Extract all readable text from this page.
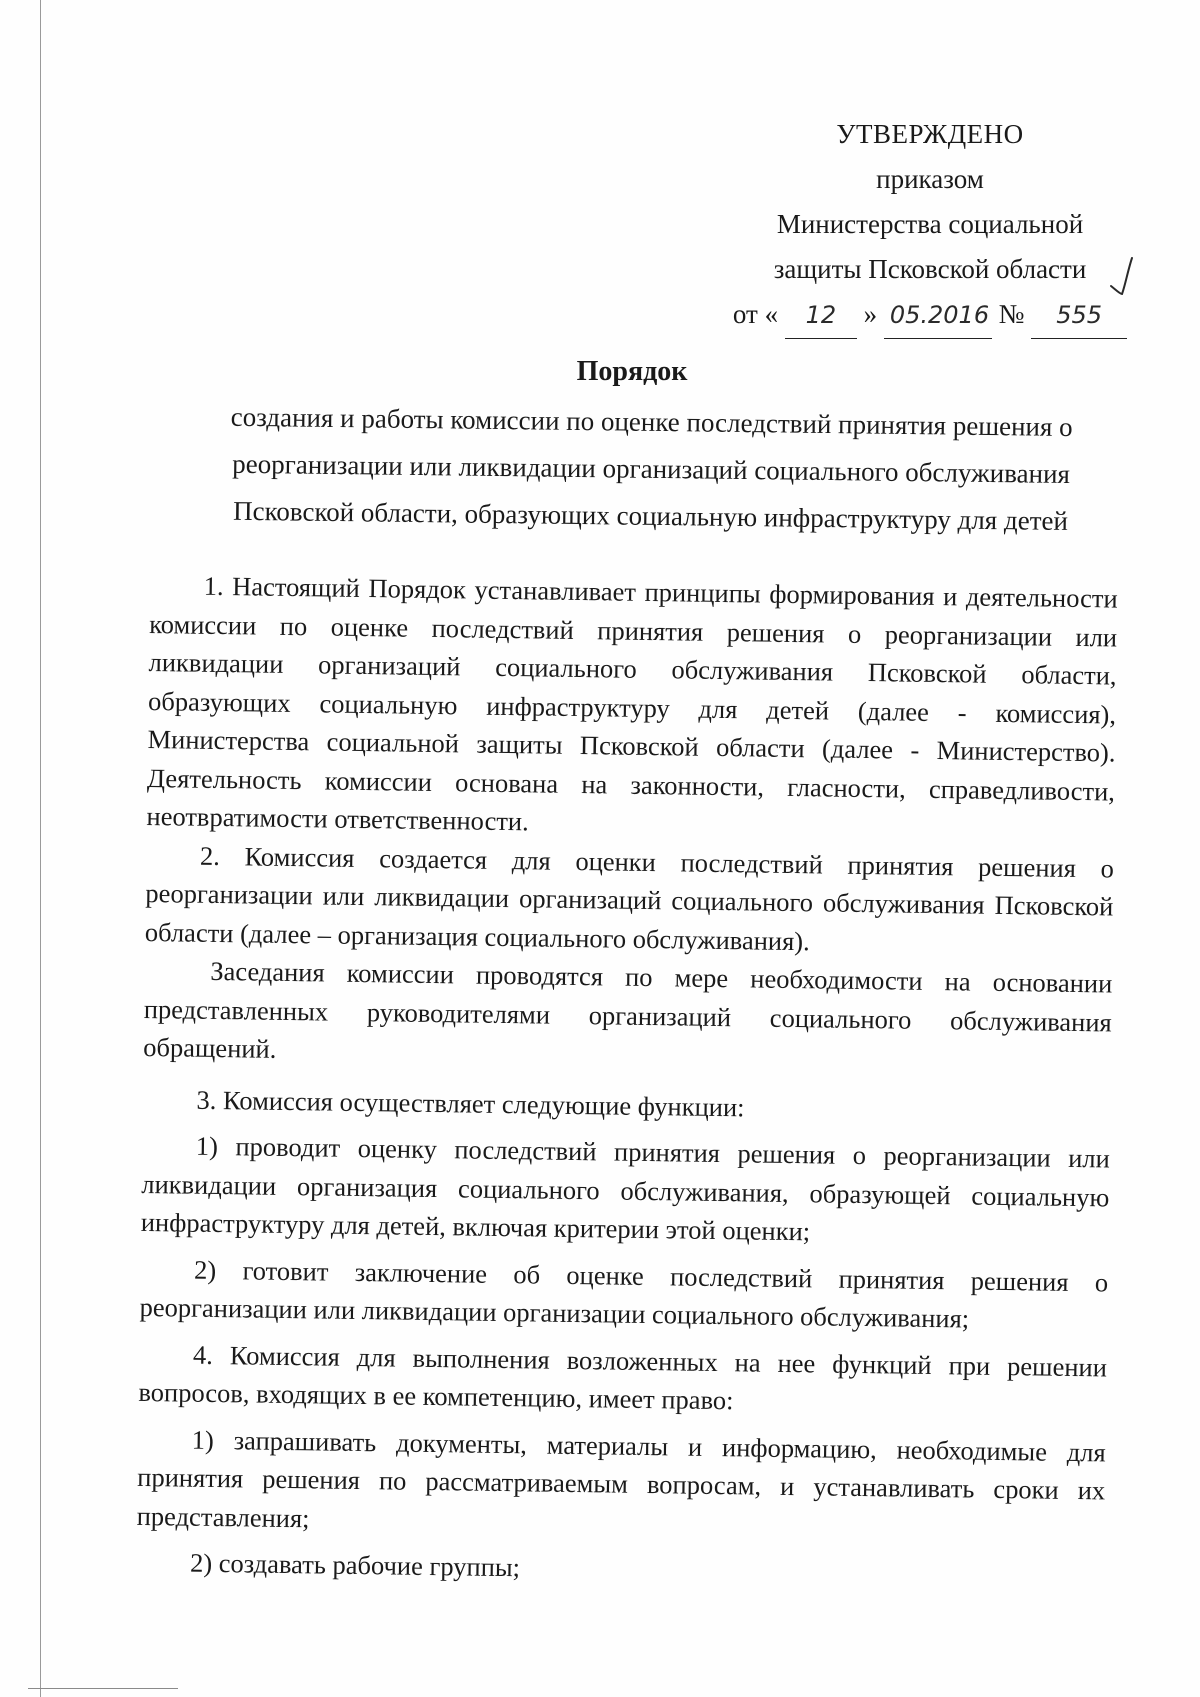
УТВЕРЖДЕНО
приказом
Министерства социальной
защиты Псковской области
от « 12 » 05.2016 № 555
Порядок
создания и работы комиссии по оценке последствий принятия решения о реорганизации или ликвидации организаций социального обслуживания Псковской области, образующих социальную инфраструктуру для детей

1. Настоящий Порядок устанавливает принципы формирования и деятельности комиссии по оценке последствий принятия решения о реорганизации или ликвидации организаций социального обслуживания Псковской области, образующих социальную инфраструктуру для детей (далее - комиссия), Министерства социальной защиты Псковской области (далее - Министерство). Деятельность комиссии основана на законности, гласности, справедливости, неотвратимости ответственности.

2. Комиссия создается для оценки последствий принятия решения о реорганизации или ликвидации организаций социального обслуживания Псковской области (далее – организация социального обслуживания).

Заседания комиссии проводятся по мере необходимости на основании представленных руководителями организаций социального обслуживания обращений.

3. Комиссия осуществляет следующие функции:

1) проводит оценку последствий принятия решения о реорганизации или ликвидации организация социального обслуживания, образующей социальную инфраструктуру для детей, включая критерии этой оценки;

2) готовит заключение об оценке последствий принятия решения о реорганизации или ликвидации организации социального обслуживания;

4. Комиссия для выполнения возложенных на нее функций при решении вопросов, входящих в ее компетенцию, имеет право:

1) запрашивать документы, материалы и информацию, необходимые для принятия решения по рассматриваемым вопросам, и устанавливать сроки их представления;

2) создавать рабочие группы;
